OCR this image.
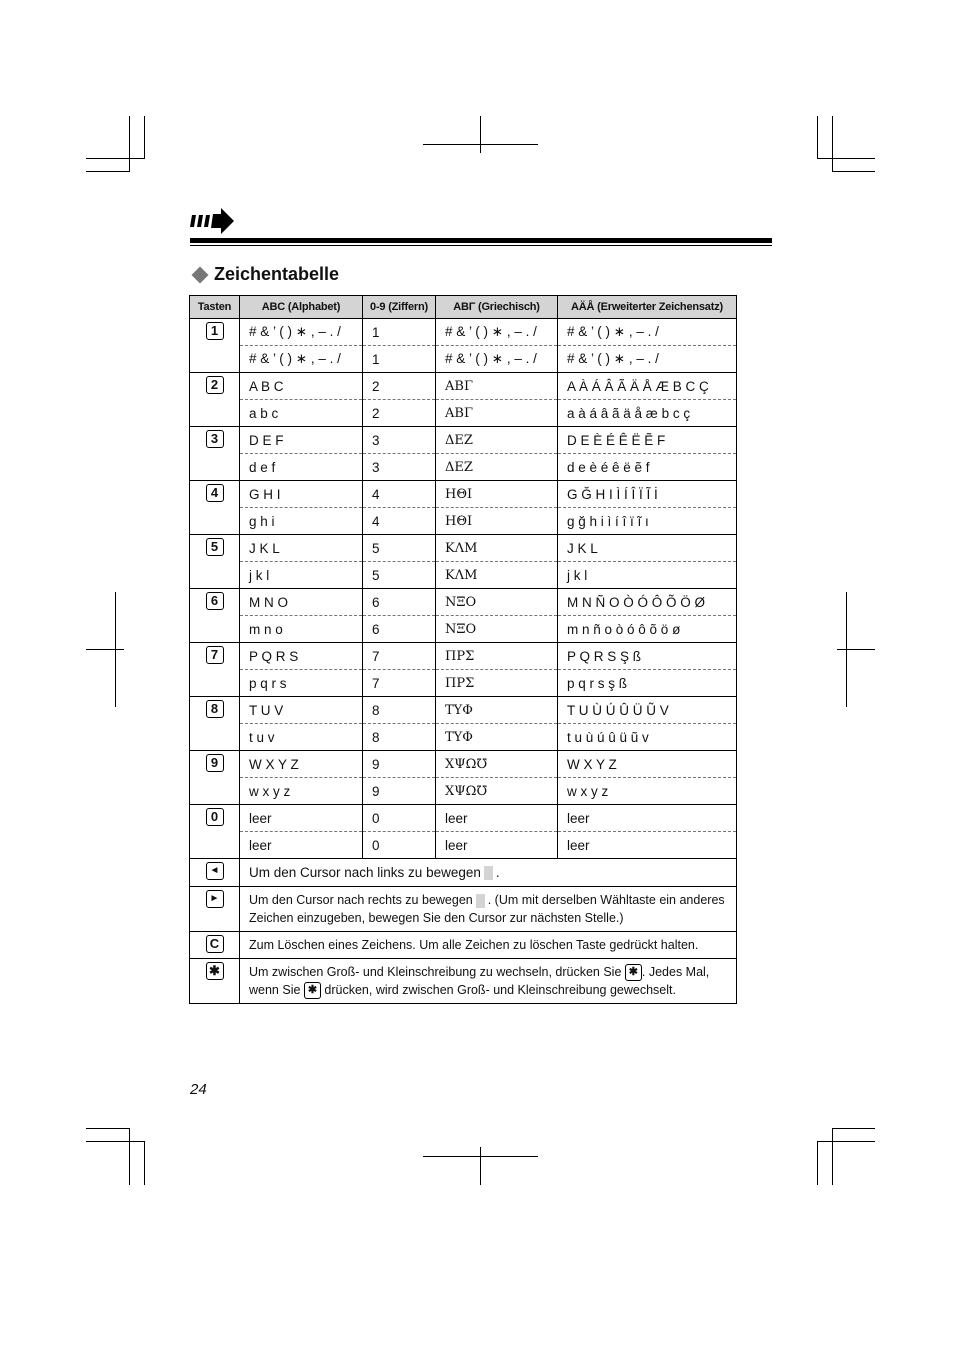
Zeichentabelle
Tasten	ABC (Alphabet)	0-9 (Ziffern)	ΑΒΓ (Griechisch)	AÄÅ (Erweiterter Zeichensatz)
1	# & ’ ( ) ∗ , – . /	1	# & ’ ( ) ∗ , – . /	# & ’ ( ) ∗ , – . /
	# & ’ ( ) ∗ , – . /	1	# & ’ ( ) ∗ , – . /	# & ’ ( ) ∗ , – . /
2	A B C	2	ΑΒΓ	A À Á Â Ã Ä Å Æ B C Ç
	a b c	2	ΑΒΓ	a à á â ã ä å æ b c ç
3	D E F	3	ΔΕΖ	D E È É Ê Ë Ẽ F
	d e f	3	ΔΕΖ	d e è é ê ë ẽ f
4	G H I	4	ΗΘΙ	G Ğ H I Ì Í Î Ï Ĩ İ
	g h i	4	ΗΘΙ	g ğ h i ì í î ï ĩ ı
5	J K L	5	ΚΛΜ	J K L
	j k l	5	ΚΛΜ	j k l
6	M N O	6	ΝΞΟ	M N Ñ O Ò Ó Ô Õ Ö Ø
	m n o	6	ΝΞΟ	m n ñ o ò ó ô õ ö ø
7	P Q R S	7	ΠΡΣ	P Q R S Ş ß
	p q r s	7	ΠΡΣ	p q r s ş ß
8	T U V	8	ΤΥΦ	T U Ù Ú Û Ü Ũ V
	t u v	8	ΤΥΦ	t u ù ú û ü ũ v
9	W X Y Z	9	ΧΨΩ℧	W X Y Z
	w x y z	9	ΧΨΩ℧	w x y z
0	leer	0	leer	leer
	leer	0	leer	leer
◄	Um den Cursor nach links zu bewegen .			
►	Um den Cursor nach rechts zu bewegen . (Um mit derselben Wähltaste ein anderes Zeichen einzugeben, bewegen Sie den Cursor zur nächsten Stelle.)			
C	Zum Löschen eines Zeichens. Um alle Zeichen zu löschen Taste gedrückt halten.			
✱	Um zwischen Groß- und Kleinschreibung zu wechseln, drücken Sie ✱ . Jedes Mal, wenn Sie ✱ drücken, wird zwischen Groß- und Kleinschreibung gewechselt.			
24
